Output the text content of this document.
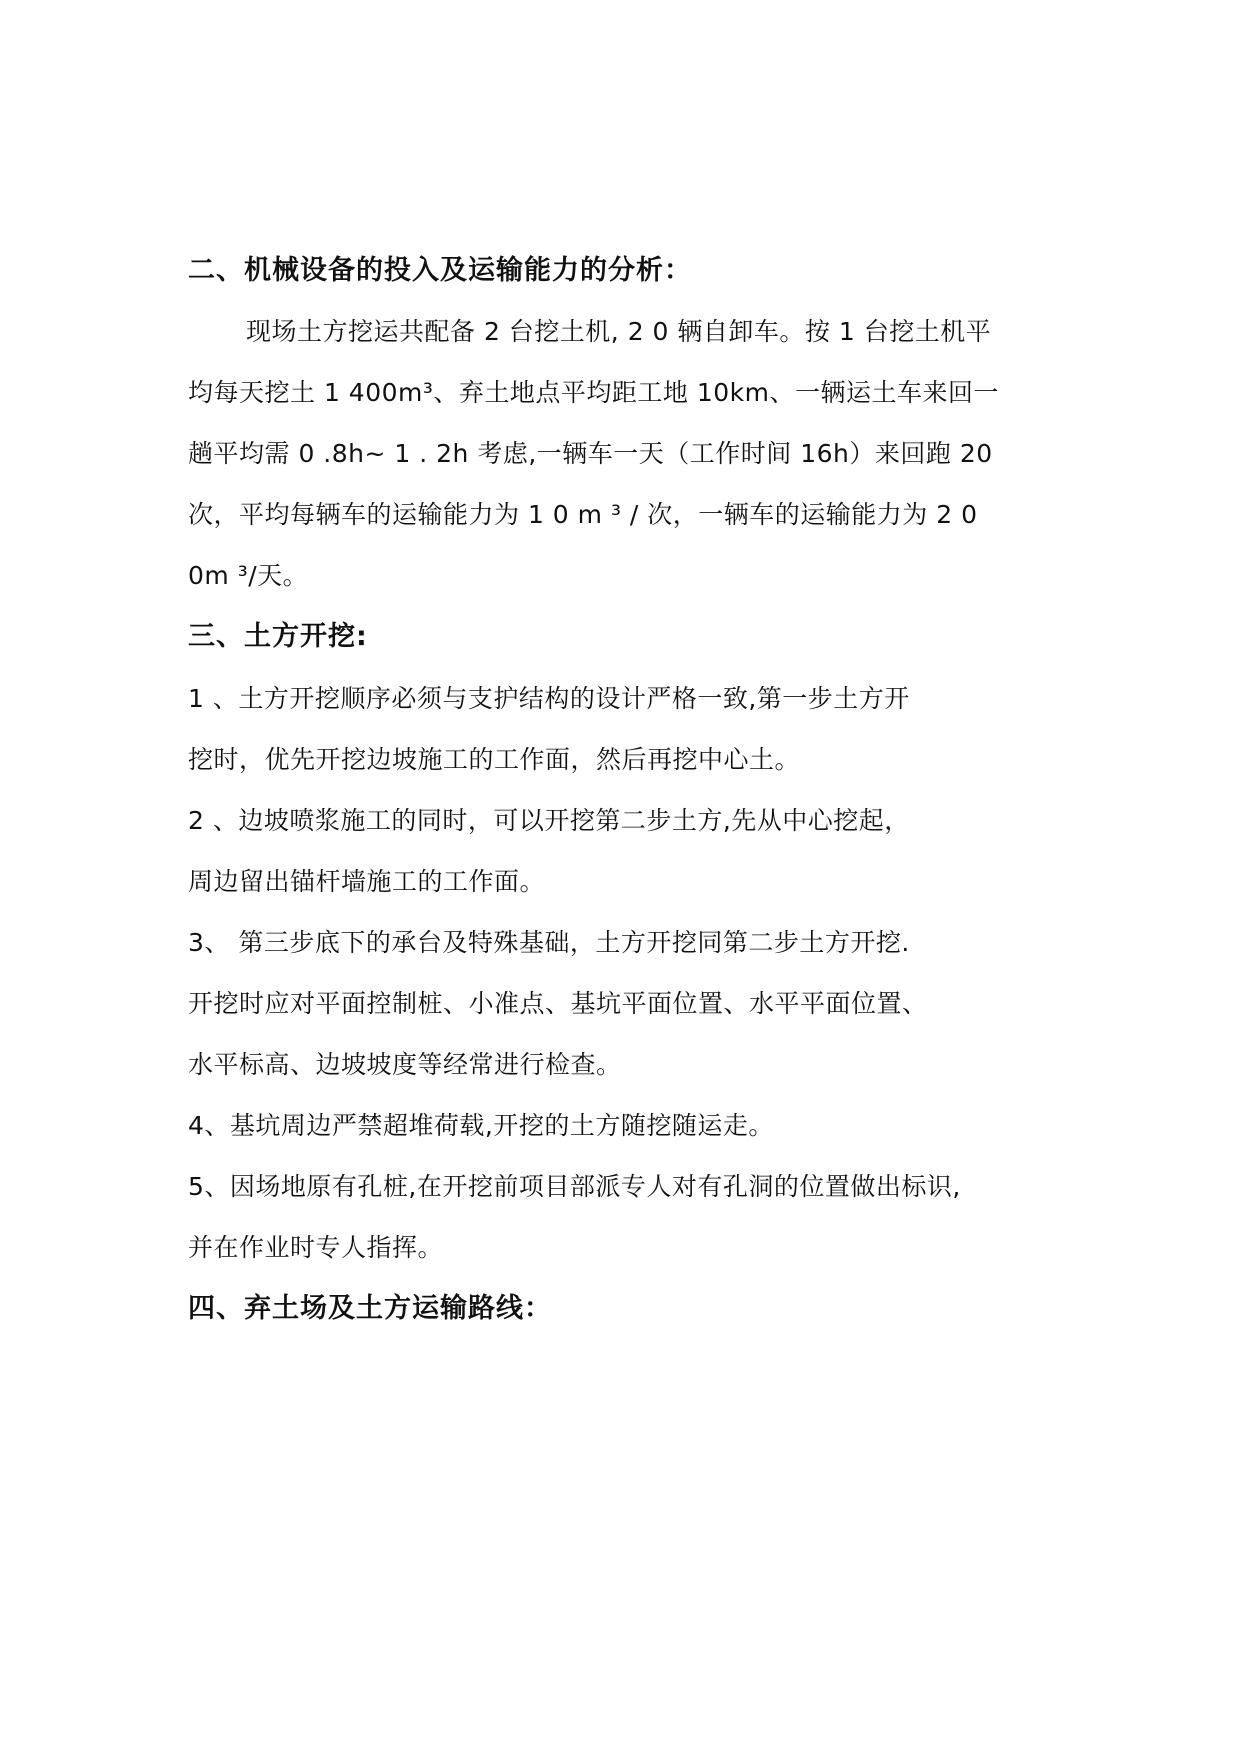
二、机械设备的投入及运输能力的分析：
现场土方挖运共配备 2 台挖土机, 2 0 辆自卸车。按 1 台挖土机平
均每天挖土 1 400m³、弃土地点平均距工地 10km、一辆运土车来回一
趟平均需 0 .8h~ 1 . 2h 考虑,一辆车一天（工作时间 16h）来回跑 20
次，平均每辆车的运输能力为 1 0 m ³ / 次，一辆车的运输能力为 2 0
0m ³/天。
三、土方开挖:
1 、土方开挖顺序必须与支护结构的设计严格一致,第一步土方开
挖时，优先开挖边坡施工的工作面，然后再挖中心土。
2 、边坡喷浆施工的同时，可以开挖第二步土方,先从中心挖起，
周边留出锚杆墙施工的工作面。
3、 第三步底下的承台及特殊基础，土方开挖同第二步土方开挖.
开挖时应对平面控制桩、小准点、基坑平面位置、水平平面位置、
水平标高、边坡坡度等经常进行检查。
4、基坑周边严禁超堆荷载,开挖的土方随挖随运走。
5、因场地原有孔桩,在开挖前项目部派专人对有孔洞的位置做出标识,
并在作业时专人指挥。
四、弃土场及土方运输路线：
